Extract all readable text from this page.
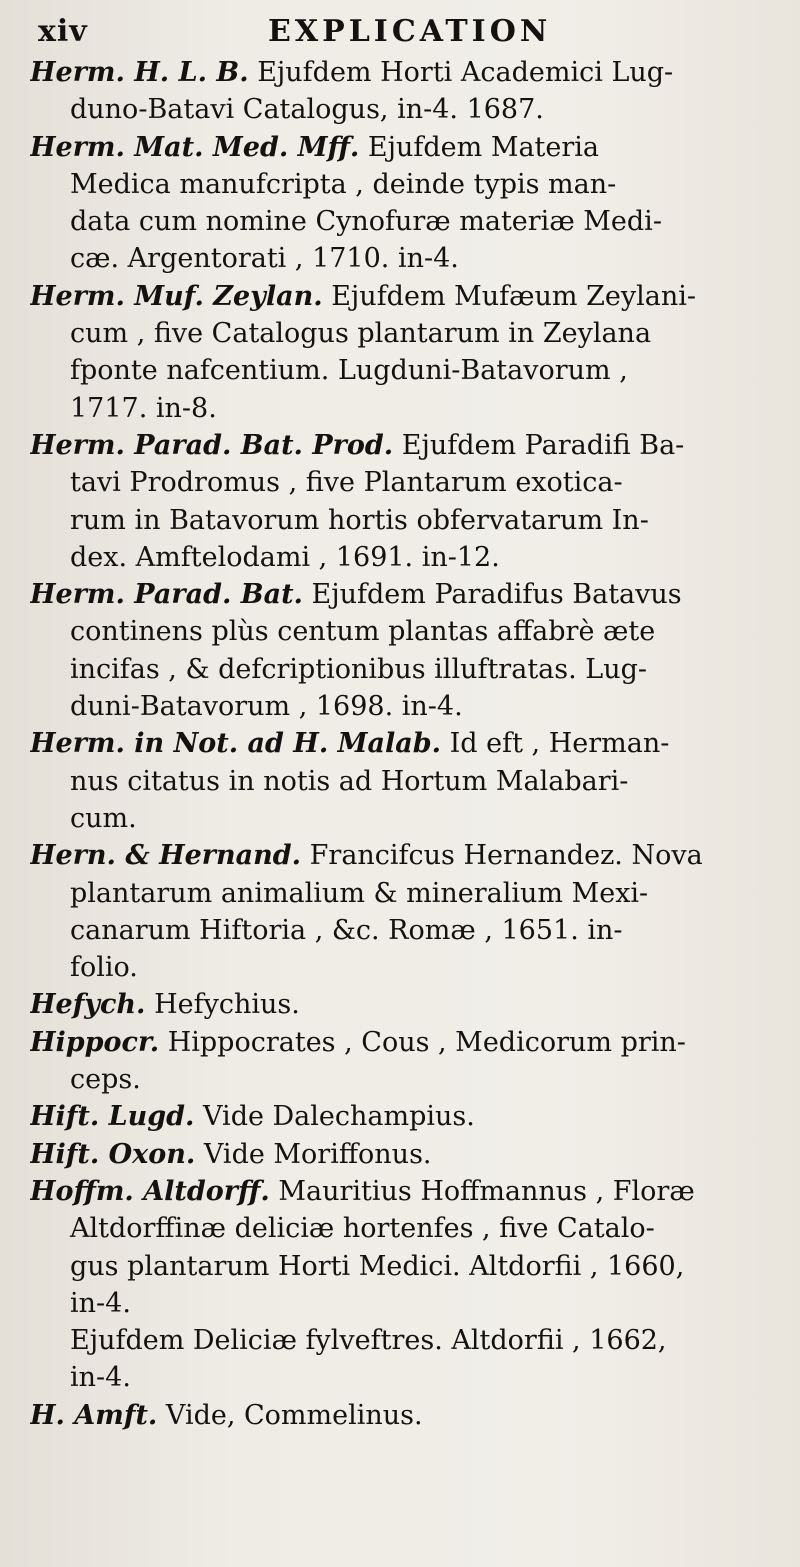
xiv	EXPLICATION
Herm. H. L. B. Ejufdem Horti Academici Lug-
duno-Batavi Catalogus, in-4. 1687.
Herm. Mat. Med. Mff. Ejufdem Materia
Medica manufcripta , deinde typis man-
data cum nomine Cynofuræ materiæ Medi-
cæ. Argentorati , 1710. in-4.
Herm. Muf. Zeylan. Ejufdem Mufæum Zeylani-
cum , five Catalogus plantarum in Zeylana
fponte nafcentium. Lugduni-Batavorum ,
1717. in-8.
Herm. Parad. Bat. Prod. Ejufdem Paradifi Ba-
tavi Prodromus , five Plantarum exotica-
rum in Batavorum hortis obfervatarum In-
dex. Amftelodami , 1691. in-12.
Herm. Parad. Bat. Ejufdem Paradifus Batavus
continens plùs centum plantas affabrè æte
incifas , & defcriptionibus illuftratas. Lug-
duni-Batavorum , 1698. in-4.
Herm. in Not. ad H. Malab. Id eft , Herman-
nus citatus in notis ad Hortum Malabari-
cum.
Hern. & Hernand. Francifcus Hernandez. Nova
plantarum animalium & mineralium Mexi-
canarum Hiftoria , &c. Romæ , 1651. in-
folio.
Hefych. Hefychius.
Hippocr. Hippocrates , Cous , Medicorum prin-
ceps.
Hift. Lugd. Vide Dalechampius.
Hift. Oxon. Vide Moriffonus.
Hoffm. Altdorff. Mauritius Hoffmannus , Floræ
Altdorffinæ deliciæ hortenfes , five Catalo-
gus plantarum Horti Medici. Altdorfii , 1660,
in-4.
Ejufdem Deliciæ fylveftres. Altdorfii , 1662,
in-4.
H. Amft. Vide, Commelinus.
